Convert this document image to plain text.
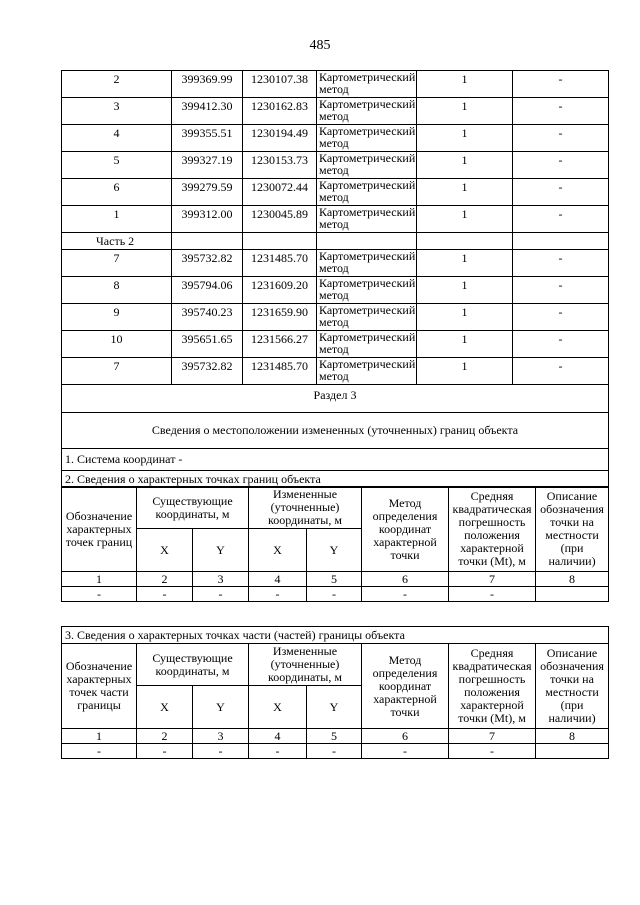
485
2	399369.99	1230107.38	Картометрический метод	1	-
3	399412.30	1230162.83	Картометрический метод	1	-
4	399355.51	1230194.49	Картометрический метод	1	-
5	399327.19	1230153.73	Картометрический метод	1	-
6	399279.59	1230072.44	Картометрический метод	1	-
1	399312.00	1230045.89	Картометрический метод	1	-
Часть 2					
7	395732.82	1231485.70	Картометрический метод	1	-
8	395794.06	1231609.20	Картометрический метод	1	-
9	395740.23	1231659.90	Картометрический метод	1	-
10	395651.65	1231566.27	Картометрический метод	1	-
7	395732.82	1231485.70	Картометрический метод	1	-
Раздел 3					
Сведения о местоположении измененных (уточненных) границ объекта					
1. Система координат -					
2. Сведения о характерных точках границ объекта					
Обозначение характерных точек границ	Существующие координаты, м		Измененные (уточненные) координаты, м		Метод определения координат характерной точки	Средняя квадратическая погрешность положения характерной точки (Mt), м	Описание обозначения точки на местности (при наличии)
	X	Y	X	Y			
1	2	3	4	5	6	7	8
-	-	-	-	-	-	-	
3. Сведения о характерных точках части (частей) границы объекта							
Обозначение характерных точек части границы	Существующие координаты, м		Измененные (уточненные) координаты, м		Метод определения координат характерной точки	Средняя квадратическая погрешность положения характерной точки (Mt), м	Описание обозначения точки на местности (при наличии)
	X	Y	X	Y			
1	2	3	4	5	6	7	8
-	-	-	-	-	-	-	
